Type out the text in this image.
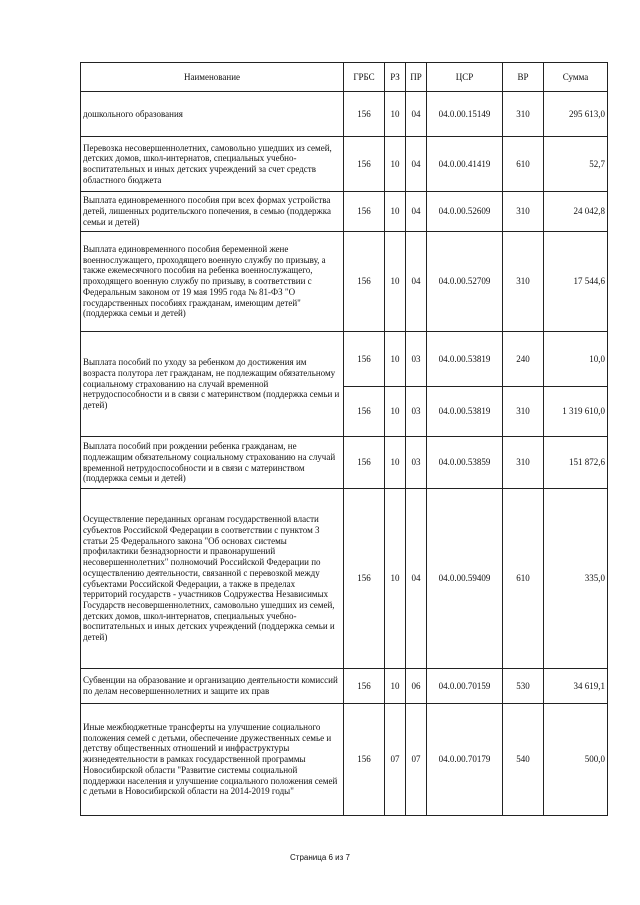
Наименование	ГРБС	РЗ	ПР	ЦСР	ВР	Сумма
дошкольного образования	156	10	04	04.0.00.15149	310	295 613,0
Перевозка несовершеннолетних, самовольно ушедших из семей, детских домов, школ-интернатов, специальных учебно-воспитательных и иных детских учреждений за счет средств областного бюджета	156	10	04	04.0.00.41419	610	52,7
Выплата единовременного пособия при всех формах устройства детей, лишенных родительского попечения, в семью (поддержка семьи и детей)	156	10	04	04.0.00.52609	310	24 042,8
Выплата единовременного пособия беременной жене военнослужащего, проходящего военную службу по призыву, а также ежемесячного пособия на ребенка военнослужащего, проходящего военную службу по призыву, в соответствии с Федеральным законом от 19 мая 1995 года № 81-ФЗ "О государственных пособиях гражданам, имеющим детей" (поддержка семьи и детей)	156	10	04	04.0.00.52709	310	17 544,6
Выплата пособий по уходу за ребенком до достижения им возраста полутора лет гражданам, не подлежащим обязательному социальному страхованию на случай временной нетрудоспособности и в связи с материнством (поддержка семьи и детей)	156	10	03	04.0.00.53819	240	10,0
	156	10	03	04.0.00.53819	310	1 319 610,0
Выплата пособий при рождении ребенка гражданам, не подлежащим обязательному социальному страхованию на случай временной нетрудоспособности и в связи с материнством (поддержка семьи и детей)	156	10	03	04.0.00.53859	310	151 872,6
Осуществление переданных органам государственной власти субъектов Российской Федерации в соответствии с пунктом 3 статьи 25 Федерального закона "Об основах системы профилактики безнадзорности и правонарушений несовершеннолетних" полномочий Российской Федерации по осуществлению деятельности, связанной с перевозкой между субъектами Российской Федерации, а также в пределах территорий государств - участников Содружества Независимых Государств несовершеннолетних, самовольно ушедших из семей, детских домов, школ-интернатов, специальных учебно-воспитательных и иных детских учреждений (поддержка семьи и детей)	156	10	04	04.0.00.59409	610	335,0
Субвенции на образование и организацию деятельности комиссий по делам несовершеннолетних и защите их прав	156	10	06	04.0.00.70159	530	34 619,1
Иные межбюджетные трансферты на улучшение социального положения семей с детьми, обеспечение дружественных семье и детству общественных отношений и инфраструктуры жизнедеятельности в рамках государственной программы Новосибирской области "Развитие системы социальной поддержки населения и улучшение социального положения семей с детьми в Новосибирской области на 2014-2019 годы"	156	07	07	04.0.00.70179	540	500,0
Страница 6 из 7
